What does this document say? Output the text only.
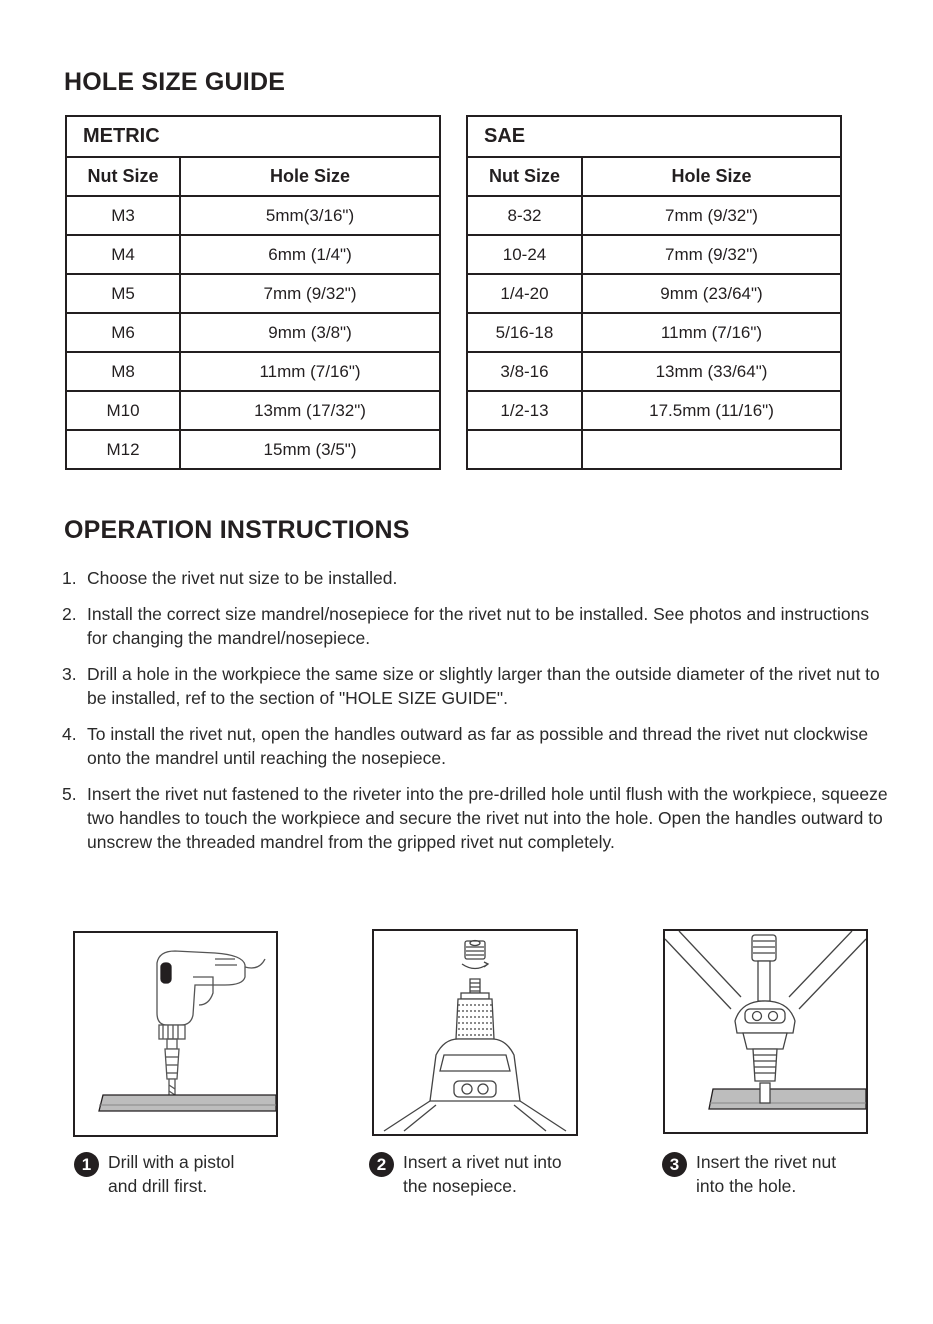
HOLE SIZE GUIDE
METRIC	
Nut Size	Hole Size
M3	5mm(3/16")
M4	6mm (1/4")
M5	7mm (9/32")
M6	9mm (3/8")
M8	11mm (7/16")
M10	13mm (17/32")
M12	15mm (3/5")
SAE	
Nut Size	Hole Size
8-32	7mm (9/32")
10-24	7mm (9/32")
1/4-20	9mm (23/64")
5/16-18	11mm (7/16")
3/8-16	13mm (33/64")
1/2-13	17.5mm (11/16")

OPERATION INSTRUCTIONS
1. Choose the rivet nut size to be installed.
2. Install the correct size mandrel/nosepiece for the rivet nut to be installed. See photos and instructions for changing the mandrel/nosepiece.
3. Drill a hole in the workpiece the same size or slightly larger than the outside diameter of the rivet nut to be installed, ref to the section of "HOLE SIZE GUIDE".
4. To install the rivet nut, open the handles outward as far as possible and thread the rivet nut clockwise onto the mandrel until reaching the nosepiece.
5. Insert the rivet nut fastened to the riveter into the pre-drilled hole until flush with the workpiece, squeeze two handles to touch the workpiece and secure the rivet nut into the hole. Open the handles outward to unscrew the threaded mandrel from the gripped rivet nut completely.
1 Drill with a pistol
and drill first.
2 Insert a rivet nut into
the nosepiece.
3 Insert the rivet nut
into the hole.
